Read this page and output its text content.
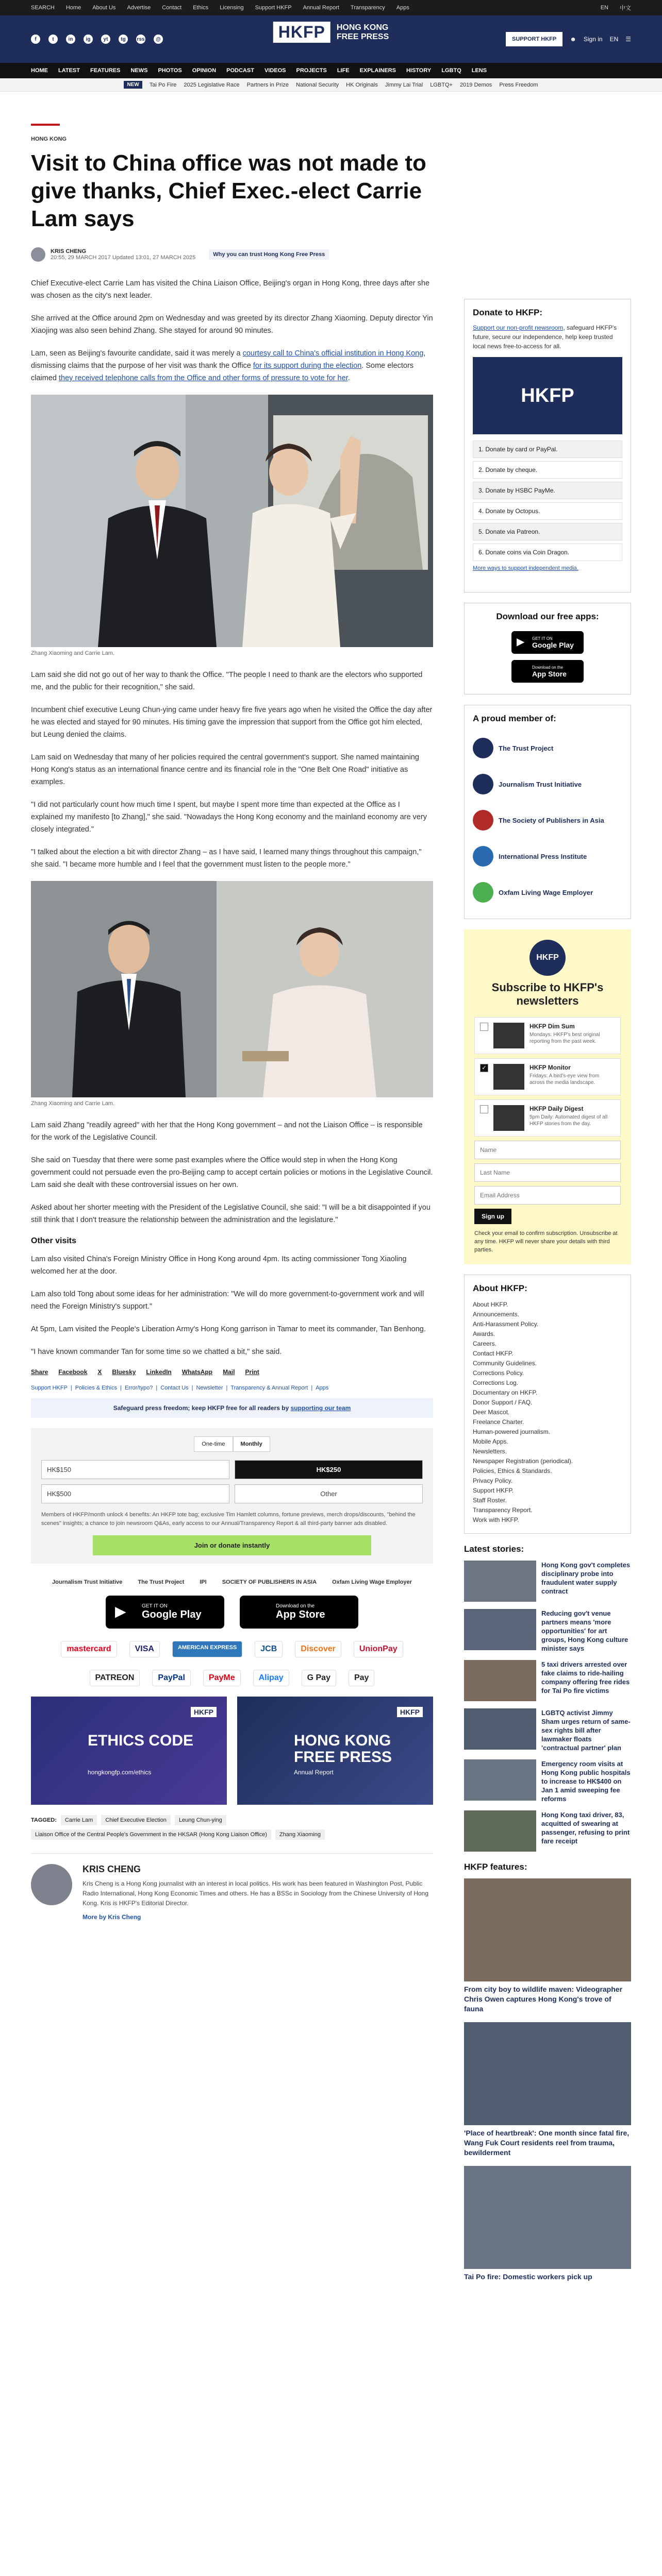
SEARCH Home About Us Advertise Contact Ethics Licensing Support HKFP Annual Report Transparency Apps	EN 中文
f	t	in	ig	yt	tg	rss	@	HKFP	HONG KONG
FREE PRESS	SUPPORT HKFP	☻ Sign in EN ☰
HOME LATEST FEATURES NEWS PHOTOS OPINION PODCAST VIDEOS PROJECTS LIFE EXPLAINERS HISTORY LGBTQ LENS
NEW	Tai Po Fire 2025 Legislative Race Partners in Prize National Security HK Originals Jimmy Lai Trial LGBTQ+ 2019 Demos Press Freedom
HONG KONG
Visit to China office was not made to give thanks, Chief Exec.-elect Carrie Lam says
KRIS CHENG
20:55, 29 MARCH 2017 Updated 13:01, 27 MARCH 2025	Why you can trust Hong Kong Free Press

Chief Executive-elect Carrie Lam has visited the China Liaison Office, Beijing's organ in Hong Kong, three days after she was chosen as the city's next leader.

She arrived at the Office around 2pm on Wednesday and was greeted by its director Zhang Xiaoming. Deputy director Yin Xiaojing was also seen behind Zhang. She stayed for around 90 minutes.

Lam, seen as Beijing's favourite candidate, said it was merely a courtesy call to China's official institution in Hong Kong, dismissing claims that the purpose of her visit was thank the Office for its support during the election. Some electors claimed they received telephone calls from the Office and other forms of pressure to vote for her.

Zhang Xiaoming and Carrie Lam.

Lam said she did not go out of her way to thank the Office. "The people I need to thank are the electors who supported me, and the public for their recognition," she said.

Incumbent chief executive Leung Chun-ying came under heavy fire five years ago when he visited the Office the day after he was elected and stayed for 90 minutes. His timing gave the impression that support from the Office got him elected, but Leung denied the claims.

Lam said on Wednesday that many of her policies required the central government's support. She named maintaining Hong Kong's status as an international finance centre and its financial role in the "One Belt One Road" initiative as examples.

"I did not particularly count how much time I spent, but maybe I spent more time than expected at the Office as I explained my manifesto [to Zhang]," she said. "Nowadays the Hong Kong economy and the mainland economy are very closely integrated."

"I talked about the election a bit with director Zhang – as I have said, I learned many things throughout this campaign," she said. "I became more humble and I feel that the government must listen to the people more."

Zhang Xiaoming and Carrie Lam.

Lam said Zhang "readily agreed" with her that the Hong Kong government – and not the Liaison Office – is responsible for the work of the Legislative Council.

She said on Tuesday that there were some past examples where the Office would step in when the Hong Kong government could not persuade even the pro-Beijing camp to accept certain policies or motions in the Legislative Council. Lam said she dealt with these controversial issues on her own.

Asked about her shorter meeting with the President of the Legislative Council, she said: "I will be a bit disappointed if you still think that I don't treasure the relationship between the administration and the legislature."

Other visits

Lam also visited China's Foreign Ministry Office in Hong Kong around 4pm. Its acting commissioner Tong Xiaoling welcomed her at the door.

Lam also told Tong about some ideas for her administration: "We will do more government-to-government work and will need the Foreign Ministry's support."

At 5pm, Lam visited the People's Liberation Army's Hong Kong garrison in Tamar to meet its commander, Tan Benhong.

"I have known commander Tan for some time so we chatted a bit," she said.

Share Facebook X Bluesky LinkedIn WhatsApp Mail Print
Support HKFP | Policies & Ethics | Error/typo? | Contact Us | Newsletter | Transparency & Annual Report | Apps
Safeguard press freedom; keep HKFP free for all readers by supporting our team
One-time	Monthly
HK$150	HK$250
HK$500	Other
Members of HKFP/month unlock 4 benefits: An HKFP tote bag; exclusive Tim Hamlett columns, fortune previews, merch drops/discounts, "behind the scenes" insights; a chance to join newsroom Q&As, early access to our Annual/Transparency Report & all third-party banner ads disabled.
Join or donate instantly
Journalism Trust Initiative	The Trust Project	IPI	SOCIETY OF PUBLISHERS IN ASIA	Oxfam Living Wage Employer
▶	GET IT ON
Google Play
Download on the
App Store
mastercard	VISA	AMERICAN EXPRESS	JCB	Discover	UnionPay
PATREON	PayPal	PayMe	Alipay	G Pay	Pay
HKFP
ETHICS CODE
hongkongfp.com/ethics
HKFP
HONG KONG FREE PRESS
Annual Report
TAGGED:	Carrie Lam	Chief Executive Election	Leung Chun-ying
Liaison Office of the Central People's Government in the HKSAR (Hong Kong Liaison Office)	Zhang Xiaoming
KRIS CHENG

Kris Cheng is a Hong Kong journalist with an interest in local politics. His work has been featured in Washington Post, Public Radio International, Hong Kong Economic Times and others. He has a BSSc in Sociology from the Chinese University of Hong Kong. Kris is HKFP's Editorial Director.

More by Kris Cheng
Donate to HKFP:
Support our non-profit newsroom, safeguard HKFP's future, secure our independence, help keep trusted local news free-to-access for all.
HKFP
1. Donate by card or PayPal.
2. Donate by cheque.
3. Donate by HSBC PayMe.
4. Donate by Octopus.
5. Donate via Patreon.
6. Donate coins via Coin Dragon.
More ways to support independent media.
Download our free apps:
▶ GET IT ON
Google Play

Download on the
App Store
A proud member of:
The Trust Project
Journalism Trust Initiative
The Society of Publishers in Asia
International Press Institute
Oxfam Living Wage Employer
HKFP
Subscribe to HKFP's newsletters
HKFP Dim Sum
Mondays: HKFP's best original reporting from the past week.
✓	HKFP Monitor
Fridays: A bird's-eye view from across the media landscape.
HKFP Daily Digest
5pm Daily: Automated digest of all HKFP stories from the day.
Name
Last Name
Email Address Sign up
Check your email to confirm subscription. Unsubscribe at any time. HKFP will never share your details with third parties.
About HKFP:
About HKFP.
Announcements.
Anti-Harassment Policy.
Awards.
Careers.
Contact HKFP.
Community Guidelines.
Corrections Policy.
Corrections Log.
Documentary on HKFP.
Donor Support / FAQ.
Deer Mascot.
Freelance Charter.
Human-powered journalism.
Mobile Apps.
Newsletters.
Newspaper Registration (periodical).
Policies, Ethics & Standards.
Privacy Policy.
Support HKFP.
Staff Roster.
Transparency Report.
Work with HKFP.
Latest stories:
Hong Kong gov't completes disciplinary probe into fraudulent water supply contract
Reducing gov't venue partners means 'more opportunities' for art groups, Hong Kong culture minister says
5 taxi drivers arrested over fake claims to ride-hailing company offering free rides for Tai Po fire victims
LGBTQ activist Jimmy Sham urges return of same-sex rights bill after lawmaker floats 'contractual partner' plan
Emergency room visits at Hong Kong public hospitals to increase to HK$400 on Jan 1 amid sweeping fee reforms
Hong Kong taxi driver, 83, acquitted of swearing at passenger, refusing to print fare receipt
HKFP features:
From city boy to wildlife maven: Videographer Chris Owen captures Hong Kong's trove of fauna
'Place of heartbreak': One month since fatal fire, Wang Fuk Court residents reel from trauma, bewilderment
Tai Po fire: Domestic workers pick up
